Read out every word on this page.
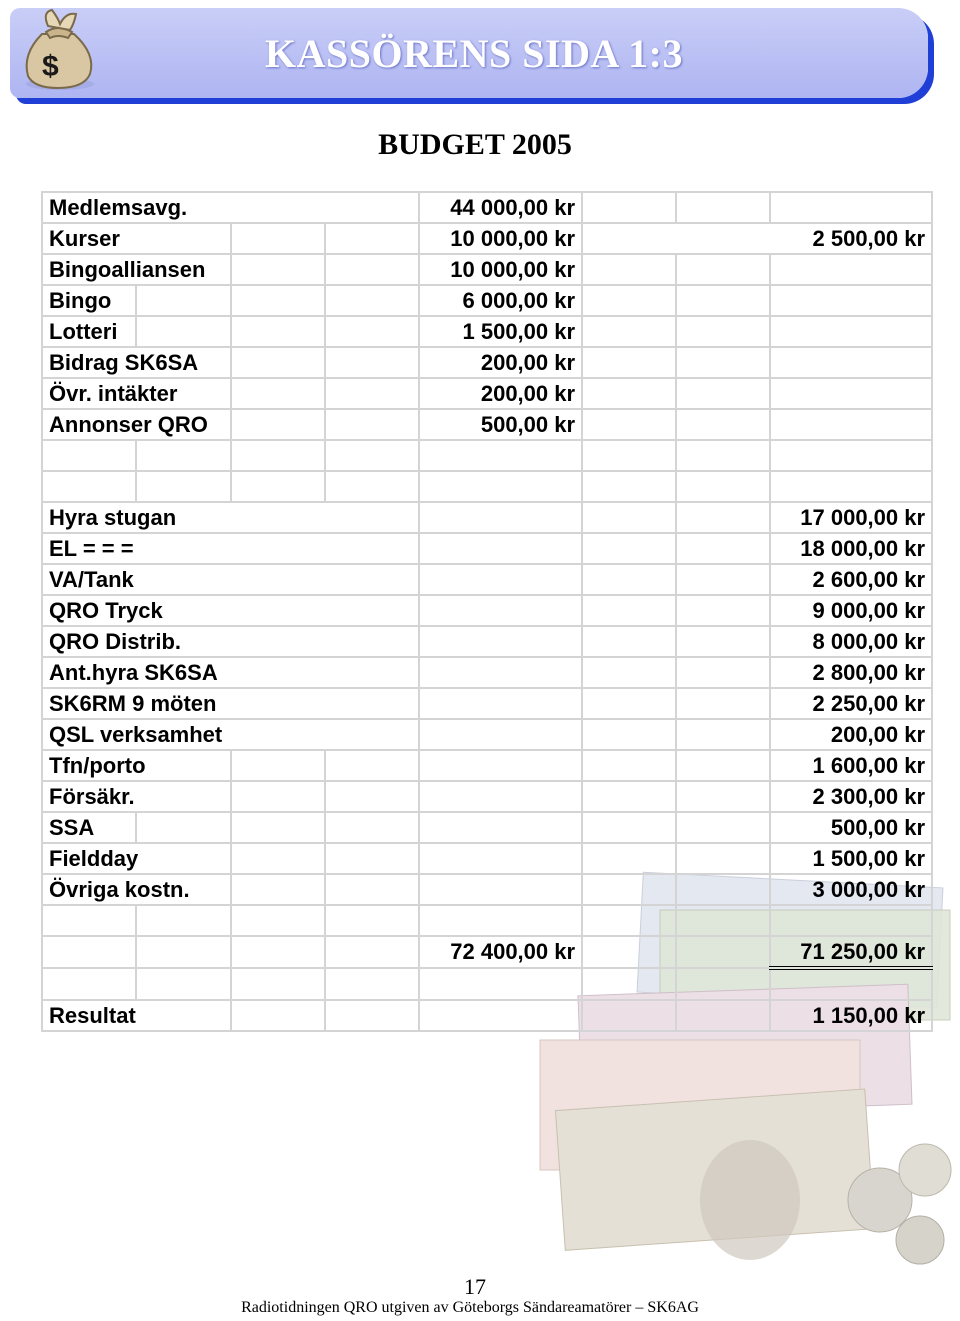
$	KASSÖRENS SIDA 1:3
BUDGET 2005
Medlemsavg.				44 000,00 kr			
Kurser				10 000,00 kr			2 500,00 kr
Bingoalliansen				10 000,00 kr			
Bingo				6 000,00 kr			
Lotteri				1 500,00 kr			
Bidrag SK6SA				200,00 kr			
Övr. intäkter				200,00 kr			
Annonser QRO				500,00 kr			

Hyra stugan							17 000,00 kr
EL = = =							18 000,00 kr
VA/Tank							2 600,00 kr
QRO Tryck							9 000,00 kr
QRO Distrib.							8 000,00 kr
Ant.hyra SK6SA							2 800,00 kr
SK6RM 9 möten							2 250,00 kr
QSL verksamhet							200,00 kr
Tfn/porto							1 600,00 kr
Försäkr.							2 300,00 kr
SSA							500,00 kr
Fieldday							1 500,00 kr
Övriga kostn.							3 000,00 kr

				72 400,00 kr			71 250,00 kr

Resultat							1 150,00 kr
17
Radiotidningen QRO utgiven av Göteborgs Sändareamatörer – SK6AG
